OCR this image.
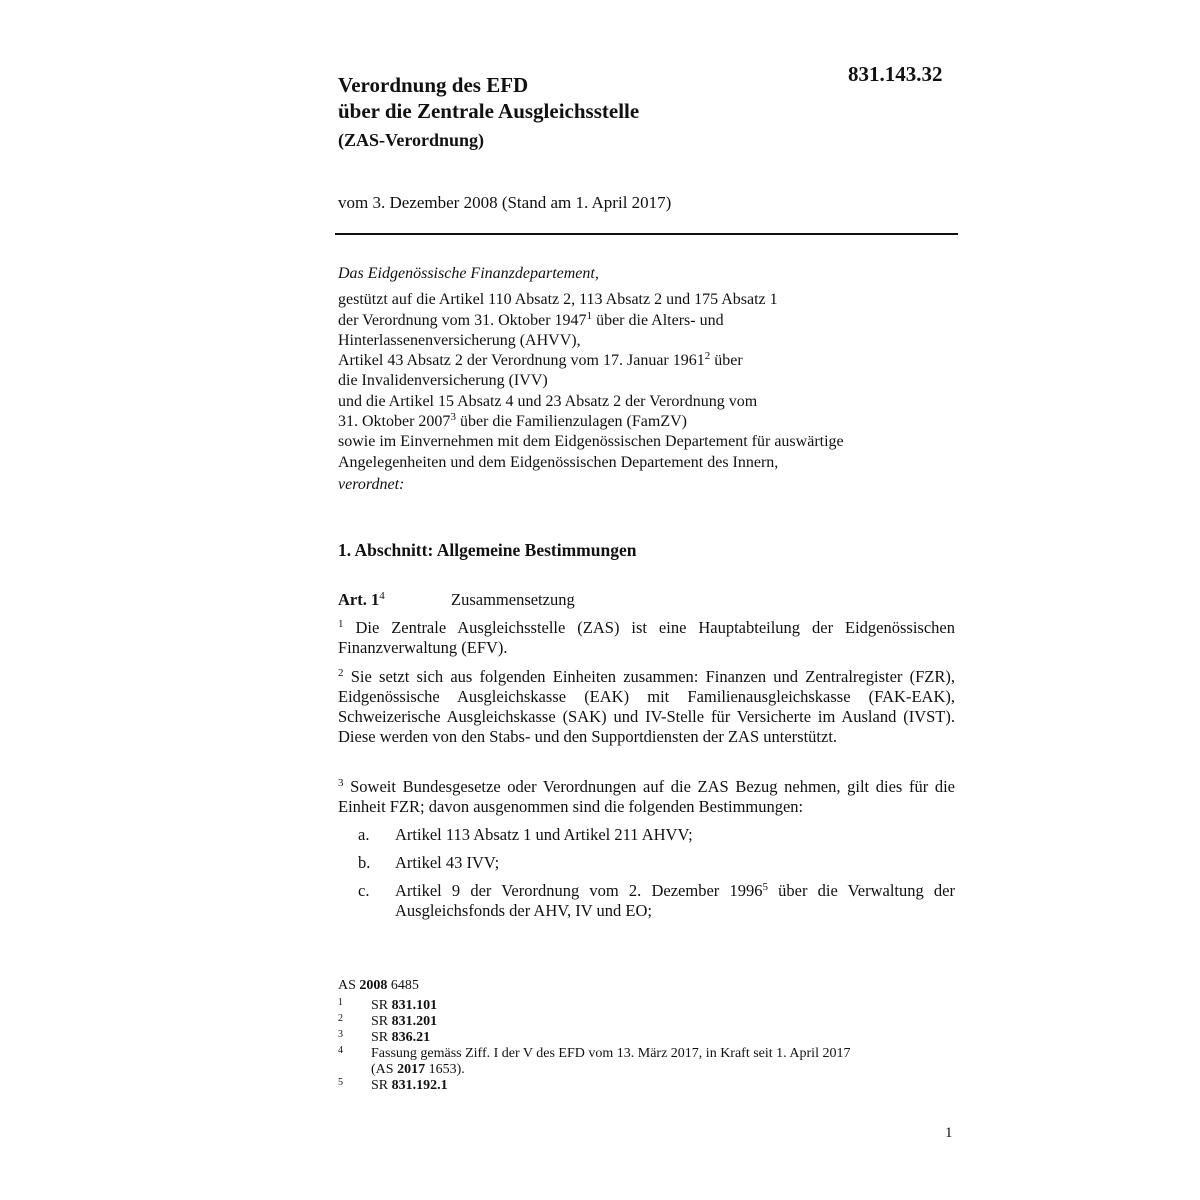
Verordnung des EFD
über die Zentrale Ausgleichsstelle
(ZAS-Verordnung)
831.143.32
vom 3. Dezember 2008 (Stand am 1. April 2017)
Das Eidgenössische Finanzdepartement,
gestützt auf die Artikel 110 Absatz 2, 113 Absatz 2 und 175 Absatz 1
der Verordnung vom 31. Oktober 1947$^1$ über die Alters- und
Hinterlassenenversicherung (AHVV),
Artikel 43 Absatz 2 der Verordnung vom 17. Januar 1961$^2$ über
die Invalidenversicherung (IVV)
und die Artikel 15 Absatz 4 und 23 Absatz 2 der Verordnung vom
31. Oktober 2007$^3$ über die Familienzulagen (FamZV)
sowie im Einvernehmen mit dem Eidgenössischen Departement für auswärtige
Angelegenheiten und dem Eidgenössischen Departement des Innern,
verordnet:
1. Abschnitt: Allgemeine Bestimmungen
Art. $1^4$	Zusammensetzung
$^1$ Die Zentrale Ausgleichsstelle (ZAS) ist eine Hauptabteilung der Eidgenössischen Finanzverwaltung (EFV).
$^2$ Sie setzt sich aus folgenden Einheiten zusammen: Finanzen und Zentralregister (FZR), Eidgenössische Ausgleichskasse (EAK) mit Familienausgleichskasse (FAK-EAK), Schweizerische Ausgleichskasse (SAK) und IV-Stelle für Versicherte im Ausland (IVST). Diese werden von den Stabs- und den Supportdiensten der ZAS unterstützt.
$^3$ Soweit Bundesgesetze oder Verordnungen auf die ZAS Bezug nehmen, gilt dies für die Einheit FZR; davon ausgenommen sind die folgenden Bestimmungen:
a. Artikel 113 Absatz 1 und Artikel 211 AHVV;
b. Artikel 43 IVV;
c. Artikel 9 der Verordnung vom 2. Dezember 1996$^5$ über die Verwaltung der Ausgleichsfonds der AHV, IV und EO;
AS 2008 6485
1 SR 831.101
2 SR 831.201
3 SR 836.21
4 Fassung gemäss Ziff. I der V des EFD vom 13. März 2017, in Kraft seit 1. April 2017
(AS 2017 1653).
5 SR 831.192.1
1
